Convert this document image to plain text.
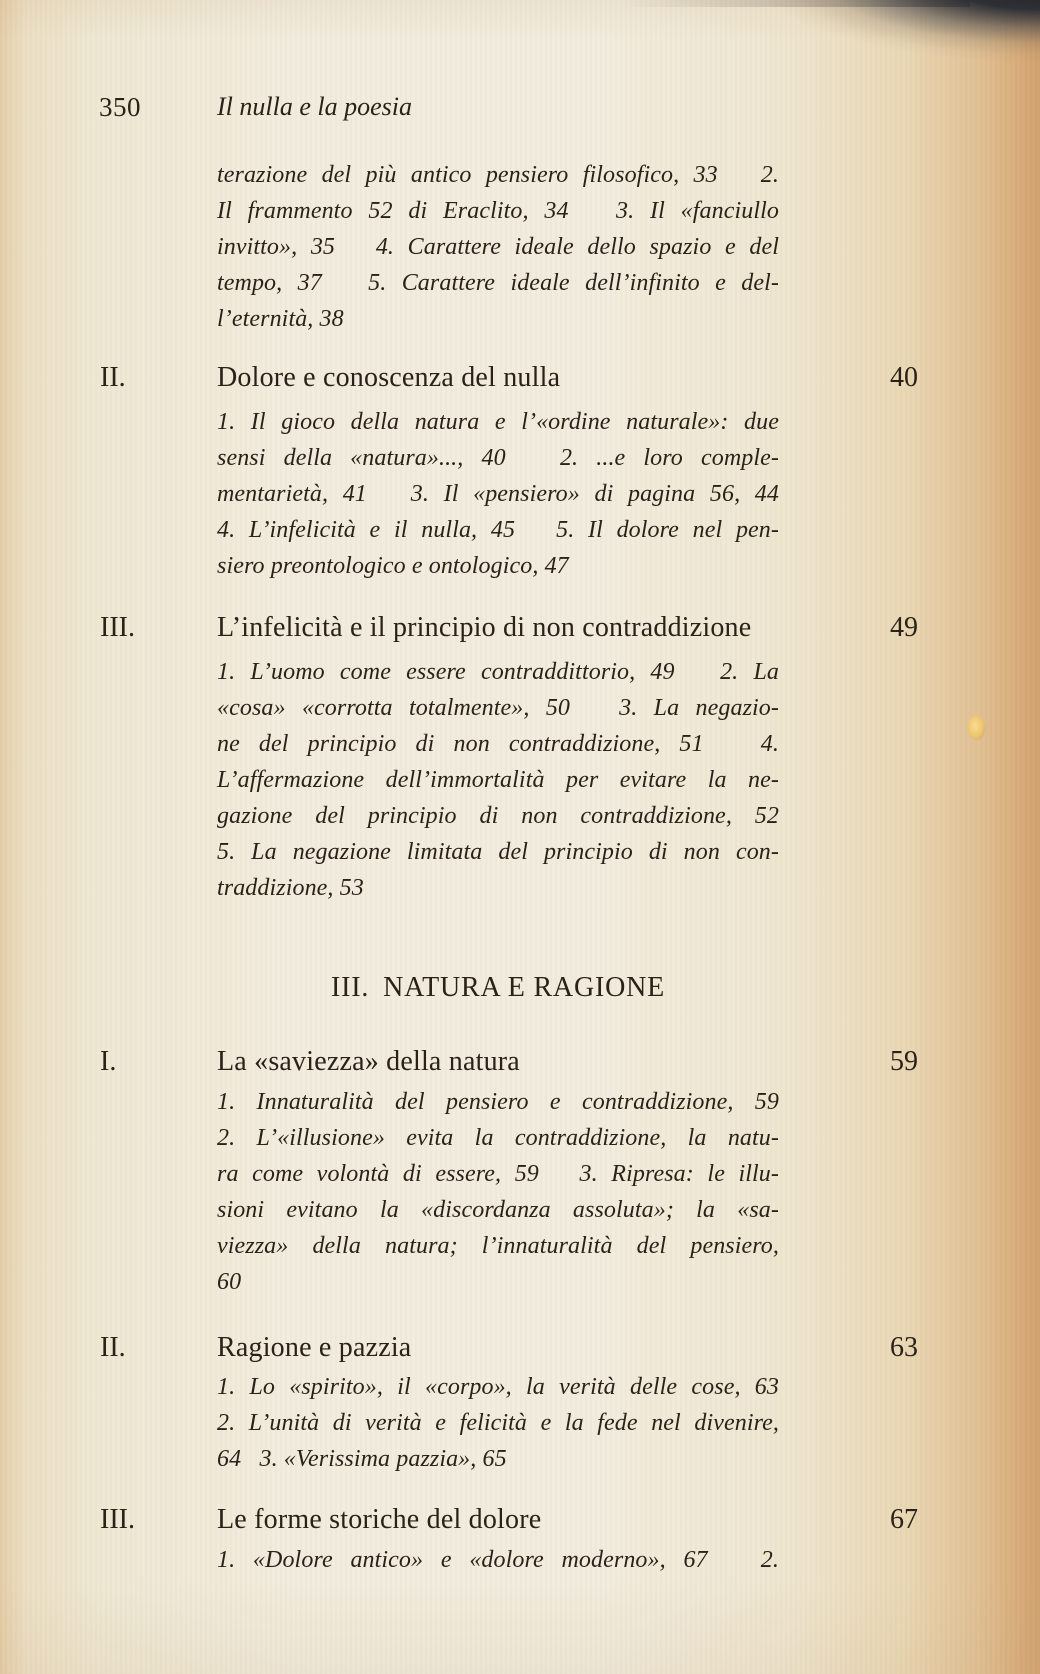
350	Il nulla e la poesia
terazione del più antico pensiero filosofico, 33   2.
Il frammento 52 di Eraclito, 34   3. Il «fanciullo
invitto», 35   4. Carattere ideale dello spazio e del
tempo, 37   5. Carattere ideale dell’infinito e del-
l’eternità, 38
II.	Dolore e conoscenza del nulla	40
1. Il gioco della natura e l’«ordine naturale»: due
sensi della «natura»..., 40   2. ...e loro comple-
mentarietà, 41   3. Il «pensiero» di pagina 56, 44
4. L’infelicità e il nulla, 45   5. Il dolore nel pen-
siero preontologico e ontologico, 47
III.	L’infelicità e il principio di non contraddizione	49
1. L’uomo come essere contraddittorio, 49   2. La
«cosa» «corrotta totalmente», 50   3. La negazio-
ne del principio di non contraddizione, 51   4.
L’affermazione dell’immortalità per evitare la ne-
gazione del principio di non contraddizione, 52
5. La negazione limitata del principio di non con-
traddizione, 53
III. NATURA E RAGIONE
I.	La «saviezza» della natura	59
1. Innaturalità del pensiero e contraddizione, 59
2. L’«illusione» evita la contraddizione, la natu-
ra come volontà di essere, 59   3. Ripresa: le illu-
sioni evitano la «discordanza assoluta»; la «sa-
viezza» della natura; l’innaturalità del pensiero,
60
II.	Ragione e pazzia	63
1. Lo «spirito», il «corpo», la verità delle cose, 63
2. L’unità di verità e felicità e la fede nel divenire,
64   3. «Verissima pazzia», 65
III.	Le forme storiche del dolore	67
1. «Dolore antico» e «dolore moderno», 67   2.
